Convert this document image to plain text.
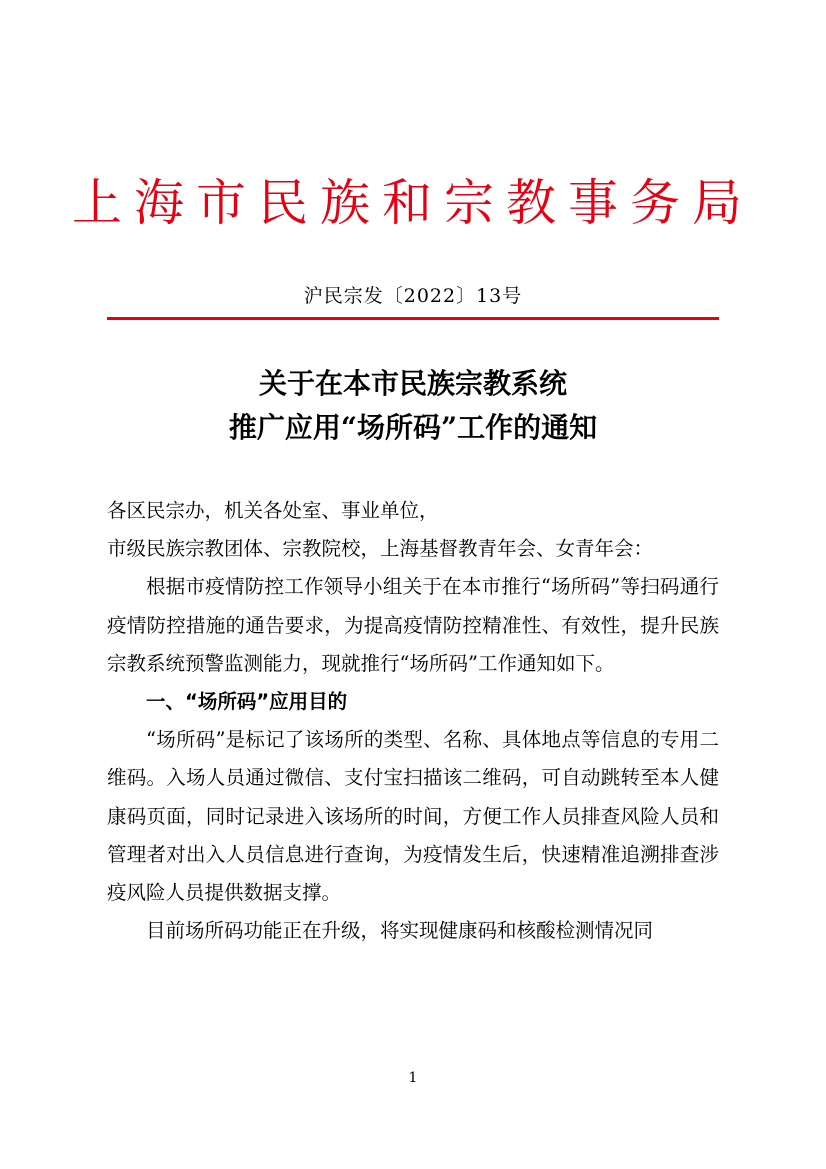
上海市民族和宗教事务局
沪民宗发〔2022〕13号
关于在本市民族宗教系统
推广应用“场所码”工作的通知

各区民宗办，机关各处室、事业单位，

市级民族宗教团体、宗教院校，上海基督教青年会、女青年会：

根据市疫情防控工作领导小组关于在本市推行“场所码”等扫码通行疫情防控措施的通告要求，为提高疫情防控精准性、有效性，提升民族宗教系统预警监测能力，现就推行“场所码”工作通知如下。

一、“场所码”应用目的

“场所码”是标记了该场所的类型、名称、具体地点等信息的专用二维码。入场人员通过微信、支付宝扫描该二维码，可自动跳转至本人健康码页面，同时记录进入该场所的时间，方便工作人员排查风险人员和管理者对出入人员信息进行查询，为疫情发生后，快速精准追溯排查涉疫风险人员提供数据支撑。

目前场所码功能正在升级，将实现健康码和核酸检测情况同

1
